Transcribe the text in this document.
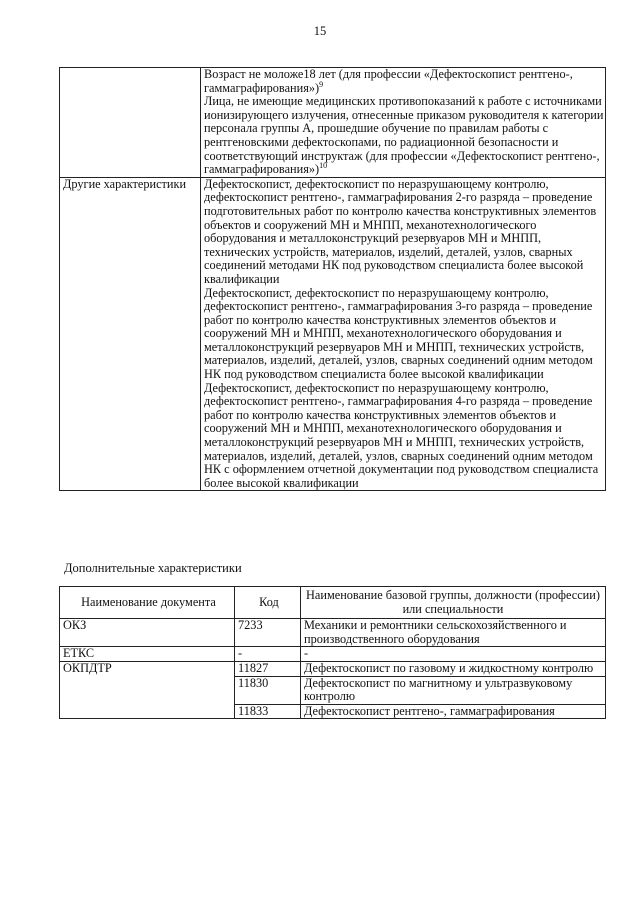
15

	Возраст не моложе18 лет (для профессии «Дефектоскопист рентгено-, гаммаграфирования»)$^9$
Лица, не имеющие медицинских противопоказаний к работе с источниками ионизирующего излучения, отнесенные приказом руководителя к категории персонала группы А, прошедшие обучение по правилам работы с рентгеновскими дефектоскопами, по радиационной безопасности и соответствующий инструктаж (для профессии «Дефектоскопист рентгено-, гаммаграфирования»)$^{10}$

Другие характеристики	Дефектоскопист, дефектоскопист по неразрушающему контролю, дефектоскопист рентгено-, гаммаграфирования 2-го разряда – проведение подготовительных работ по контролю качества конструктивных элементов объектов и сооружений МН и МНПП, механотехнологического оборудования и металлоконструкций резервуаров МН и МНПП, технических устройств, материалов, изделий, деталей, узлов, сварных соединений методами НК под руководством специалиста более высокой квалификации
Дефектоскопист, дефектоскопист по неразрушающему контролю, дефектоскопист рентгено-, гаммаграфирования 3-го разряда – проведение работ по контролю качества конструктивных элементов объектов и сооружений МН и МНПП, механотехнологического оборудования и металлоконструкций резервуаров МН и МНПП, технических устройств, материалов, изделий, деталей, узлов, сварных соединений одним методом НК под руководством специалиста более высокой квалификации
Дефектоскопист, дефектоскопист по неразрушающему контролю, дефектоскопист рентгено-, гаммаграфирования 4-го разряда – проведение работ по контролю качества конструктивных элементов объектов и сооружений МН и МНПП, механотехнологического оборудования и металлоконструкций резервуаров МН и МНПП, технических устройств, материалов, изделий, деталей, узлов, сварных соединений одним методом НК с оформлением отчетной документации под руководством специалиста более высокой квалификации
Дополнительные характеристики
Наименование документа	Код	Наименование базовой группы, должности (профессии) или специальности
ОКЗ	7233	Механики и ремонтники сельскохозяйственного и производственного оборудования
ЕТКС	-	-
ОКПДТР	11827	Дефектоскопист по газовому и жидкостному контролю
	11830	Дефектоскопист по магнитному и ультразвуковому контролю
	11833	Дефектоскопист рентгено-, гаммаграфирования
